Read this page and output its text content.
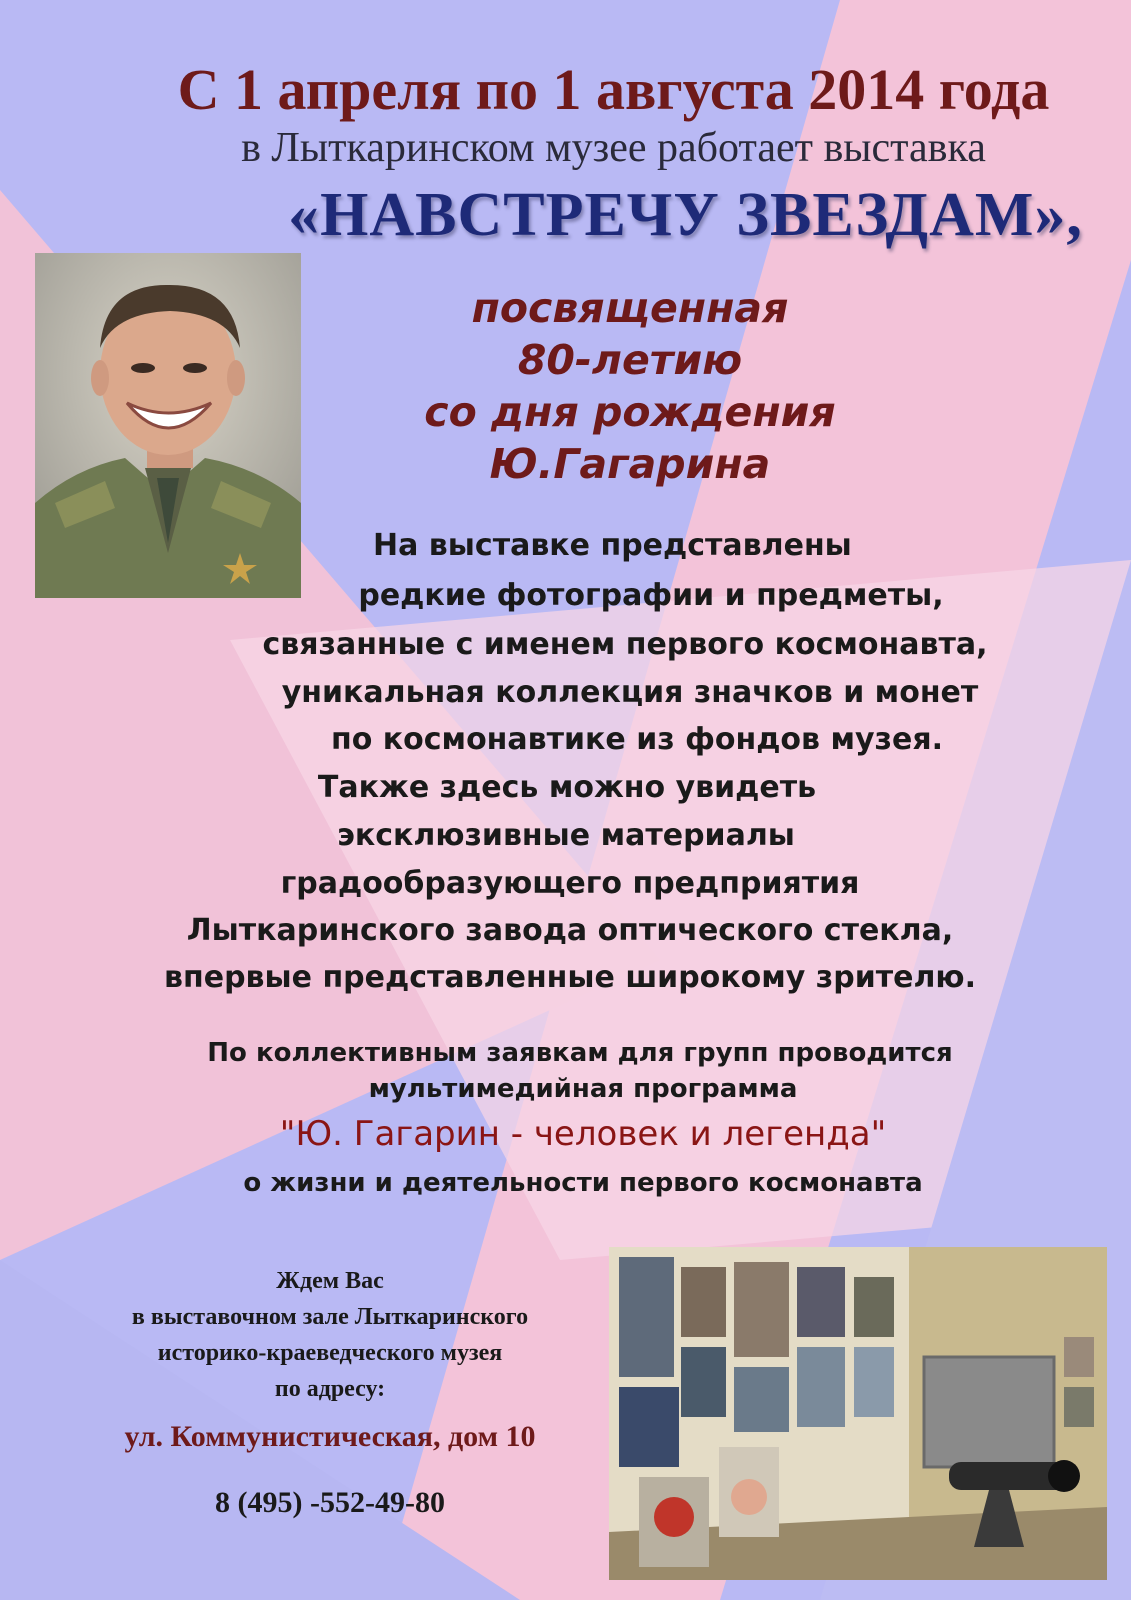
С 1 апреля по 1 августа 2014 года
в Лыткаринском музее работает выставка
«НАВСТРЕЧУ ЗВЕЗДАМ»,
посвященная
80-летию
со дня рождения
Ю.Гагарина
На выставке представлены
редкие фотографии и предметы,
связанные с именем первого космонавта,
уникальная коллекция значков и монет
по космонавтике из фондов музея.
Также здесь можно увидеть
эксклюзивные материалы
градообразующего предприятия
Лыткаринского завода оптического стекла,
впервые представленные широкому зрителю.
По коллективным заявкам для групп проводится
мультимедийная программа
"Ю. Гагарин - человек и легенда"
о жизни и деятельности первого космонавта
Ждем Вас
в выставочном зале Лыткаринского
историко-краеведческого музея
по адресу:
ул. Коммунистическая, дом 10
8 (495) -552-49-80
